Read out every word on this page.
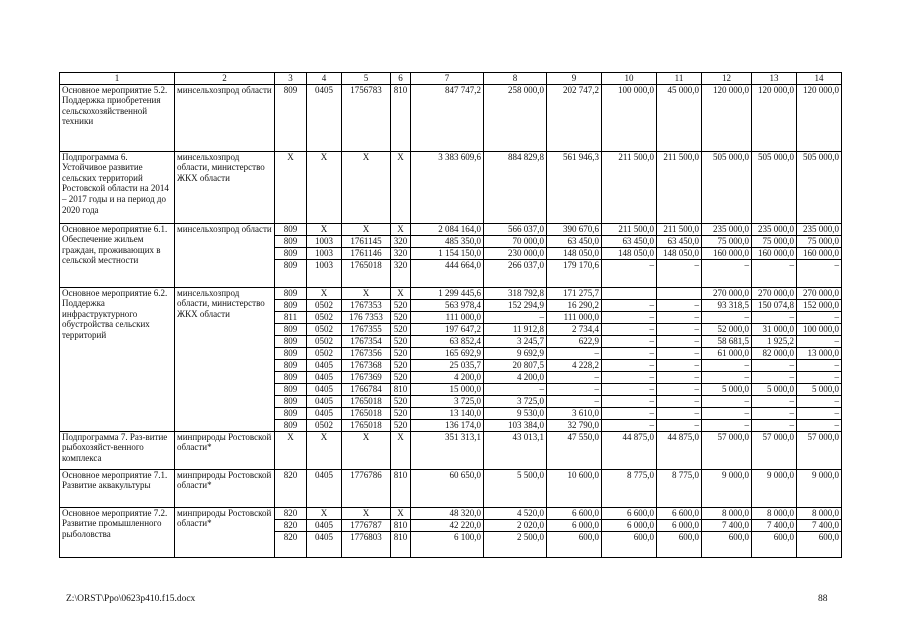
1	2	3	4	5	6	7	8	9	10	11	12	13	14
Основное мероприятие 5.2. Поддержка приобретения сельскохозяйственной техники	минсельхозпрод области	809	0405	1756783	810	847 747,2	258 000,0	202 747,2	100 000,0	45 000,0	120 000,0	120 000,0	120 000,0
Подпрограмма 6. Устойчивое развитие сельских территорий Ростовской области на 2014 – 2017 годы и на период до 2020 года	минсельхозпрод области, министерство ЖКХ области	Х	Х	Х	Х	3 383 609,6	884 829,8	561 946,3	211 500,0	211 500,0	505 000,0	505 000,0	505 000,0
Основное мероприятие 6.1. Обеспечение жильем граждан, проживающих в сельской местности	минсельхозпрод области	809	Х	Х	Х	2 084 164,0	566 037,0	390 670,6	211 500,0	211 500,0	235 000,0	235 000,0	235 000,0
		809	1003	1761145	320	485 350,0	70 000,0	63 450,0	63 450,0	63 450,0	75 000,0	75 000,0	75 000,0
		809	1003	1761146	320	1 154 150,0	230 000,0	148 050,0	148 050,0	148 050,0	160 000,0	160 000,0	160 000,0
		809	1003	1765018	320	444 664,0	266 037,0	179 170,6	–	–	–	–	–
Основное мероприятие 6.2. Поддержка инфраструктурного обустройства сельских территорий	минсельхозпрод области, министерство ЖКХ области	809	Х	Х	Х	1 299 445,6	318 792,8	171 275,7			270 000,0	270 000,0	270 000,0
		809	0502	1767353	520	563 978,4	152 294,9	16 290,2	–	–	93 318,5	150 074,8	152 000,0
		811	0502	176 7353	520	111 000,0	–	111 000,0	–	–	–	–	–
		809	0502	1767355	520	197 647,2	11 912,8	2 734,4	–	–	52 000,0	31 000,0	100 000,0
		809	0502	1767354	520	63 852,4	3 245,7	622,9	–	–	58 681,5	1 925,2	–
		809	0502	1767356	520	165 692,9	9 692,9	–	–	–	61 000,0	82 000,0	13 000,0
		809	0405	1767368	520	25 035,7	20 807,5	4 228,2	–	–	–	–	–
		809	0405	1767369	520	4 200,0	4 200,0	–	–	–	–	–	–
		809	0405	1766784	810	15 000,0	–	–	–	–	5 000,0	5 000,0	5 000,0
		809	0405	1765018	520	3 725,0	3 725,0	–	–	–	–	–	–
		809	0405	1765018	520	13 140,0	9 530,0	3 610,0	–	–	–	–	–
		809	0502	1765018	520	136 174,0	103 384,0	32 790,0	–	–	–	–	–
Подпрограмма 7. Раз-витие рыбохозяйст-венного комплекса	минприроды Ростовской области*	Х	Х	Х	Х	351 313,1	43 013,1	47 550,0	44 875,0	44 875,0	57 000,0	57 000,0	57 000,0
Основное мероприятие 7.1. Развитие аквакультуры	минприроды Ростовской области*	820	0405	1776786	810	60 650,0	5 500,0	10 600,0	8 775,0	8 775,0	9 000,0	9 000,0	9 000,0
Основное мероприятие 7.2. Развитие промышленного рыболовства	минприроды Ростовской области*	820	Х	Х	Х	48 320,0	4 520,0	6 600,0	6 600,0	6 600,0	8 000,0	8 000,0	8 000,0
		820	0405	1776787	810	42 220,0	2 020,0	6 000,0	6 000,0	6 000,0	7 400,0	7 400,0	7 400,0
		820	0405	1776803	810	6 100,0	2 500,0	600,0	600,0	600,0	600,0	600,0	600,0
Z:\ORST\Ppo\0623p410.f15.docx	88
